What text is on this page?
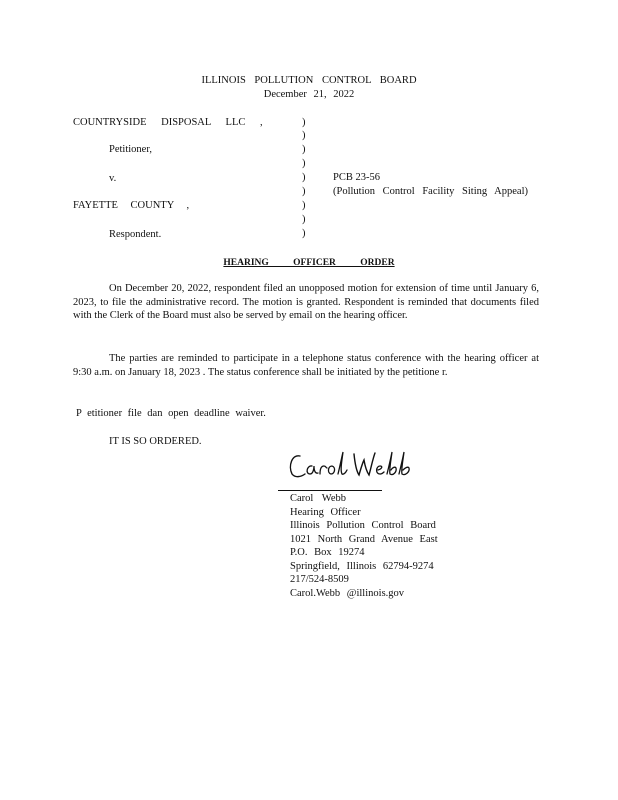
ILLINOIS POLLUTION CONTROL BOARD
December 21, 2022
COUNTRYSIDE DISPOSAL LLC ,
Petitioner,
v.
FAYETTE COUNTY ,
Respondent.
)
)
)
)
)
)
)
)
)
PCB 23-56
(Pollution Control Facility Siting Appeal)
HEARING OFFICER ORDER
On December 20, 2022, respondent filed an unopposed motion for extension of time until January 6, 2023, to file the administrative record. The motion is granted. Respondent is reminded that documents filed with the Clerk of the Board must also be served by email on the hearing officer.
The parties are reminded to participate in a telephone status conference with the hearing officer at 9:30 a.m. on January 18, 2023 . The status conference shall be initiated by the petitione r.
P etitioner file dan open deadline waiver.
IT IS SO ORDERED.
Carol Webb
Hearing Officer
Illinois Pollution Control Board
1021 North Grand Avenue East
P.O. Box 19274
Springfield, Illinois 62794-9274
217/524-8509
Carol.Webb @illinois.gov
